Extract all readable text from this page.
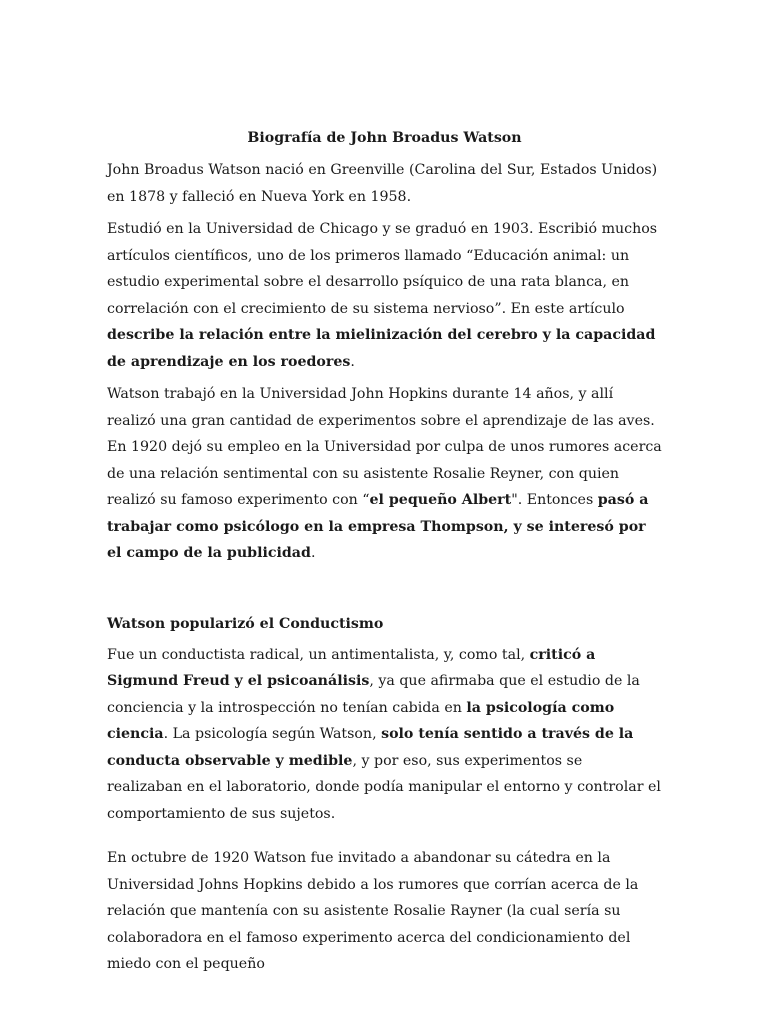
Biografía de John Broadus Watson

John Broadus Watson nació en Greenville (Carolina del Sur, Estados Unidos) en 1878 y falleció en Nueva York en 1958.

Estudió en la Universidad de Chicago y se graduó en 1903. Escribió muchos artículos científicos, uno de los primeros llamado “Educación animal: un estudio experimental sobre el desarrollo psíquico de una rata blanca, en correlación con el crecimiento de su sistema nervioso”. En este artículo describe la relación entre la mielinización del cerebro y la capacidad de aprendizaje en los roedores.

Watson trabajó en la Universidad John Hopkins durante 14 años, y allí realizó una gran cantidad de experimentos sobre el aprendizaje de las aves. En 1920 dejó su empleo en la Universidad por culpa de unos rumores acerca de una relación sentimental con su asistente Rosalie Reyner, con quien realizó su famoso experimento con “el pequeño Albert". Entonces pasó a trabajar como psicólogo en la empresa Thompson, y se interesó por el campo de la publicidad.

Watson popularizó el Conductismo

Fue un conductista radical, un antimentalista, y, como tal, criticó a Sigmund Freud y el psicoanálisis, ya que afirmaba que el estudio de la conciencia y la introspección no tenían cabida en la psicología como ciencia. La psicología según Watson, solo tenía sentido a través de la conducta observable y medible, y por eso, sus experimentos se realizaban en el laboratorio, donde podía manipular el entorno y controlar el comportamiento de sus sujetos.

En octubre de 1920 Watson fue invitado a abandonar su cátedra en la Universidad Johns Hopkins debido a los rumores que corrían acerca de la relación que mantenía con su asistente Rosalie Rayner (la cual sería su colaboradora en el famoso experimento acerca del condicionamiento del miedo con el pequeño
